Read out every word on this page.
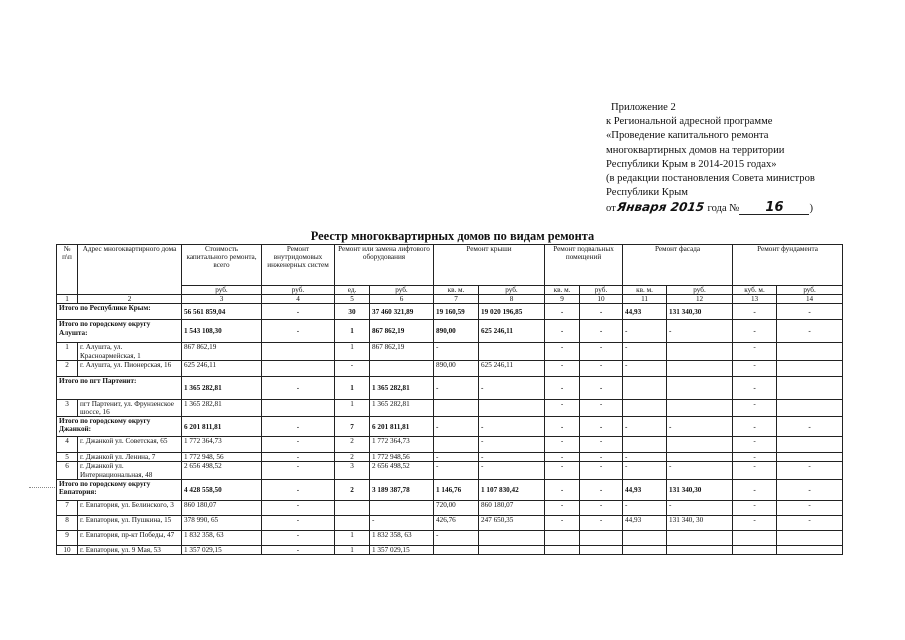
Приложение 2
к Региональной адресной программе
«Проведение капитального ремонта
многоквартирных домов на территории
Республики Крым в 2014-2015 годах»
(в редакции постановления Совета министров
Республики Крым
отЯнваря 2015 года № 16 )
Реестр многоквартирных домов по видам ремонта
№ п\п	Адрес многоквартирного дома	Стоимость капитального ремонта, всего	Ремонт внутридомовых инженерных систем	Ремонт или замена лифтового оборудования		Ремонт крыши		Ремонт подвальных помещений		Ремонт фасада		Ремонт фундамента	
		руб.	руб.	ед.	руб.	кв. м.	руб.	кв. м.	руб.	кв. м.	руб.	куб. м.	руб.
1	2	3	4	5	6	7	8	9	10	11	12	13	14
Итого по Республике Крым:		56 561 859,04	-	30	37 460 321,89	19 160,59	19 020 196,85	-	-	44,93	131 340,30	-	-
Итого по городскому округу Алушта:		1 543 108,30	-	1	867 862,19	890,00	625 246,11	-	-	-	-	-	-
1	г. Алушта, ул. Красноармейская, 1	867 862,19		1	867 862,19	-		-	-	-		-	
2	г. Алушта, ул. Пионерская, 16	625 246,11		-		890,00	625 246,11	-	-	-		-	
Итого по пгт Партенит:		1 365 282,81	-	1	1 365 282,81	-	-	-	-			-	
3	пгт Партенит, ул. Фрунзенское шоссе, 16	1 365 282,81		1	1 365 282,81			-	-			-	
Итого по городскому округу Джанкой:		6 201 811,81	-	7	6 201 811,81	-	-	-	-	-	-	-	-
4	г. Джанкой ул. Советская, 65	1 772 364,73	-	2	1 772 364,73		-	-	-			-	
5	г. Джанкой ул. Ленина, 7	1 772 948, 56	-	2	1 772 948,56	-	-	-	-	-		-	
6	г. Джанкой ул. Интернациональная, 48	2 656 498,52	-	3	2 656 498,52	-	-	-	-	-	-	-	-
Итого по городскому округу Евпатория:		4 428 558,50	-	2	3 189 387,78	1 146,76	1 107 830,42	-	-	44,93	131 340,30	-	-
7	г. Евпатория, ул. Белинского, 3	860 180,07	-			720,00	860 180,07	-	-	-	-	-	-
8	г. Евпатория, ул. Пушкина, 15	378 990, 65	-		-	426,76	247 650,35	-	-	44,93	131 340, 30	-	-
9	г. Евпатория, пр-кт Победы, 47	1 832 358, 63	-	1	1 832 358, 63	-							
10	г. Евпатория, ул. 9 Мая, 53	1 357 029,15	-	1	1 357 029,15								
